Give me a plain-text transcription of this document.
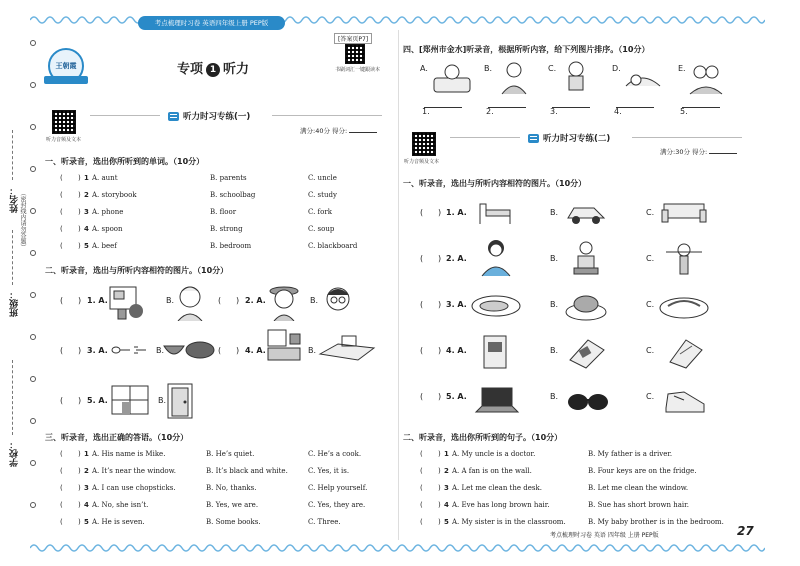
考点梳理时习卷 英语四年级上册 PEP版
姓名：
班级：
学校：
（密封线内请勿答题）
王朝霞
[答案页P7]
书刷词汇一键跟读本
专项 1 听力
听力音频及文本
听力时习专练(一)
满分:40分 得分:
一、听录音，选出你所听到的单词。（10分）
( ) 1 A. aunt	B. parents	C. uncle
( ) 2 A. storybook	B. schoolbag	C. study
( ) 3 A. phone	B. floor	C. fork
( ) 4 A. spoon	B. strong	C. soup
( ) 5 A. beef	B. bedroom	C. blackboard
二、听录音，选出与所听内容相符的图片。（10分）
( ) 1. A.	B.	( ) 2. A.	B.
( ) 3. A.	B.	( ) 4. A.	B.
( ) 5. A.	B.
三、听录音，选出正确的答语。（10分）
( ) 1 A. His name is Mike.	B. He’s quiet.	C. He’s a cook.
( ) 2 A. It’s near the window.	B. It’s black and white.	C. Yes, it is.
( ) 3 A. I can use chopsticks.	B. No, thanks.	C. Help yourself.
( ) 4 A. No, she isn’t.	B. Yes, we are.	C. Yes, they are.
( ) 5 A. He is seven.	B. Some books.	C. Three.
四、[郑州市金水]听录音，根据所听内容，给下列图片排序。（10分）
A.	B.	C.	D.	E.
1.	2.	3.	4.	5.
听力音频及文本
听力时习专练(二)
满分:30分 得分:
一、听录音，选出与所听内容相符的图片。（10分）
( ) 1. A.	B.	C.
( ) 2. A.	B.	C.
( ) 3. A.	B.	C.
( ) 4. A.	B.	C.
( ) 5. A.	B.	C.
二、听录音，选出你所听到的句子。（10分）
( ) 1 A. My uncle is a doctor.	B. My father is a driver.
( ) 2 A. A fan is on the wall.	B. Four keys are on the fridge.
( ) 3 A. Let me clean the desk.	B. Let me clean the window.
( ) 4 A. Eve has long brown hair.	B. Sue has short brown hair.
( ) 5 A. My sister is in the classroom.	B. My baby brother is in the bedroom.
考点梳理时习卷 英语 四年级 上册 PEP版	27
